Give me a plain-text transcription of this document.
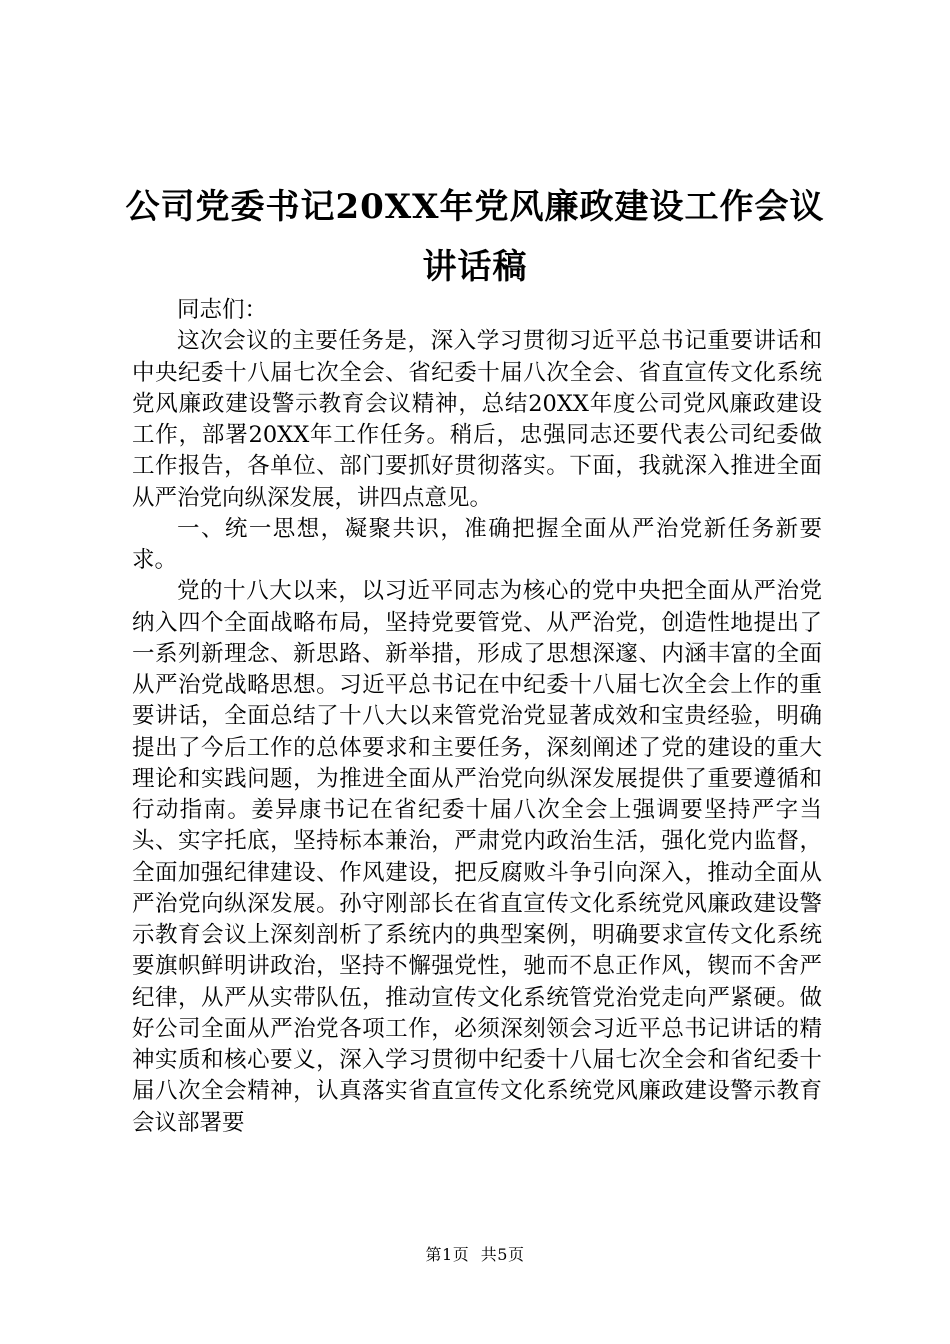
公司党委书记20XX年党风廉政建设工作会议
讲话稿

同志们：

这次会议的主要任务是，深入学习贯彻习近平总书记重要讲话和中央纪委十八届七次全会、省纪委十届八次全会、省直宣传文化系统党风廉政建设警示教育会议精神，总结20XX年度公司党风廉政建设工作，部署20XX年工作任务。稍后，忠强同志还要代表公司纪委做工作报告，各单位、部门要抓好贯彻落实。下面，我就深入推进全面从严治党向纵深发展，讲四点意见。

一、统一思想，凝聚共识，准确把握全面从严治党新任务新要求。

党的十八大以来，以习近平同志为核心的党中央把全面从严治党纳入四个全面战略布局，坚持党要管党、从严治党，创造性地提出了一系列新理念、新思路、新举措，形成了思想深邃、内涵丰富的全面从严治党战略思想。习近平总书记在中纪委十八届七次全会上作的重要讲话，全面总结了十八大以来管党治党显著成效和宝贵经验，明确提出了今后工作的总体要求和主要任务，深刻阐述了党的建设的重大理论和实践问题，为推进全面从严治党向纵深发展提供了重要遵循和行动指南。姜异康书记在省纪委十届八次全会上强调要坚持严字当头、实字托底，坚持标本兼治，严肃党内政治生活，强化党内监督，全面加强纪律建设、作风建设，把反腐败斗争引向深入，推动全面从严治党向纵深发展。孙守刚部长在省直宣传文化系统党风廉政建设警示教育会议上深刻剖析了系统内的典型案例，明确要求宣传文化系统要旗帜鲜明讲政治，坚持不懈强党性，驰而不息正作风，锲而不舍严纪律，从严从实带队伍，推动宣传文化系统管党治党走向严紧硬。做好公司全面从严治党各项工作，必须深刻领会习近平总书记讲话的精神实质和核心要义，深入学习贯彻中纪委十八届七次全会和省纪委十届八次全会精神，认真落实省直宣传文化系统党风廉政建设警示教育会议部署要

第1页 共5页
